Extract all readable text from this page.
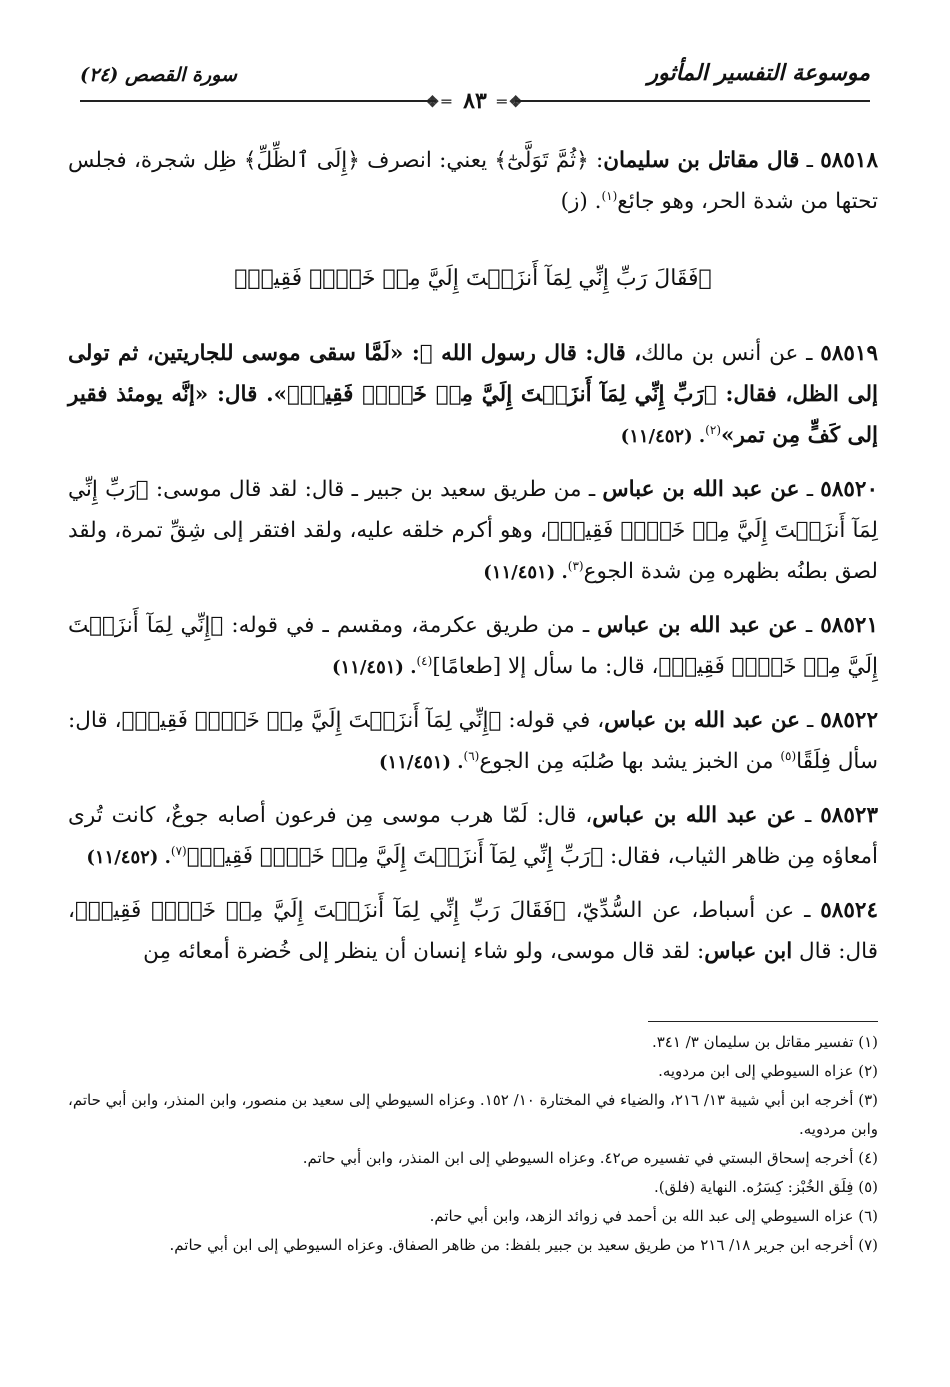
موسوعة التفسير المأثور
❖═
٨٣
═❖
سورة القصص (٢٤)

٥٨٥١٨ ـ قال مقاتل بن سليمان: ﴿ثُمَّ تَوَلَّىٰٓ﴾ يعني: انصرف ﴿إِلَى ٱلظِّلِّ﴾ ظِل شجرة، فجلس تحتها من شدة الحر، وهو جائع$^{(١)}$. (ز)

﴿فَقَالَ رَبِّ إِنِّي لِمَآ أَنزَلۡتَ إِلَيَّ مِنۡ خَيۡرٖ فَقِيرٞ﴾

٥٨٥١٩ ـ عن أنس بن مالك، قال: قال رسول الله ﷺ: «لَمَّا سقى موسى للجاريتين، ثم تولى إلى الظل، فقال: ﴿رَبِّ إِنِّي لِمَآ أَنزَلۡتَ إِلَيَّ مِنۡ خَيۡرٖ فَقِيرٞ﴾». قال: «إنَّه يومئذ فقير إلى كَفٍّ مِن تمر»$^{(٢)}$. (١١/٤٥٢)

٥٨٥٢٠ ـ عن عبد الله بن عباس ـ من طريق سعيد بن جبير ـ قال: لقد قال موسى: ﴿رَبِّ إِنِّي لِمَآ أَنزَلۡتَ إِلَيَّ مِنۡ خَيۡرٖ فَقِيرٞ﴾، وهو أكرم خلقه عليه، ولقد افتقر إلى شِقِّ تمرة، ولقد لصق بطنُه بظهره مِن شدة الجوع$^{(٣)}$. (١١/٤٥١)

٥٨٥٢١ ـ عن عبد الله بن عباس ـ من طريق عكرمة، ومقسم ـ في قوله: ﴿إِنِّي لِمَآ أَنزَلۡتَ إِلَيَّ مِنۡ خَيۡرٖ فَقِيرٞ﴾، قال: ما سأل إلا [طعامًا]$^{(٤)}$. (١١/٤٥١)

٥٨٥٢٢ ـ عن عبد الله بن عباس، في قوله: ﴿إِنِّي لِمَآ أَنزَلۡتَ إِلَيَّ مِنۡ خَيۡرٖ فَقِيرٞ﴾، قال: سأل فِلَقًا$^{(٥)}$ من الخبز يشد بها صُلبَه مِن الجوع$^{(٦)}$. (١١/٤٥١)

٥٨٥٢٣ ـ عن عبد الله بن عباس، قال: لَمّا هرب موسى مِن فرعون أصابه جوعٌ، كانت تُرى أمعاؤه مِن ظاهر الثياب، فقال: ﴿رَبِّ إِنِّي لِمَآ أَنزَلۡتَ إِلَيَّ مِنۡ خَيۡرٖ فَقِيرٞ﴾$^{(٧)}$. (١١/٤٥٢)

٥٨٥٢٤ ـ عن أسباط، عن السُّدِّيّ، ﴿فَقَالَ رَبِّ إِنِّي لِمَآ أَنزَلۡتَ إِلَيَّ مِنۡ خَيۡرٖ فَقِيرٞ﴾، قال: قال ابن عباس: لقد قال موسى، ولو شاء إنسان أن ينظر إلى خُضرة أمعائه مِن

(١) تفسير مقاتل بن سليمان ٣/ ٣٤١.

(٢) عزاه السيوطي إلى ابن مردويه.

(٣) أخرجه ابن أبي شيبة ١٣/ ٢١٦، والضياء في المختارة ١٠/ ١٥٢. وعزاه السيوطي إلى سعيد بن منصور، وابن المنذر، وابن أبي حاتم، وابن مردويه.

(٤) أخرجه إسحاق البستي في تفسيره ص٤٢. وعزاه السيوطي إلى ابن المنذر، وابن أبي حاتم.

(٥) فِلَق الخُبْز: كِسَرُه. النهاية (فلق).

(٦) عزاه السيوطي إلى عبد الله بن أحمد في زوائد الزهد، وابن أبي حاتم.

(٧) أخرجه ابن جرير ١٨/ ٢١٦ من طريق سعيد بن جبير بلفظ: من ظاهر الصفاق. وعزاه السيوطي إلى ابن أبي حاتم.
